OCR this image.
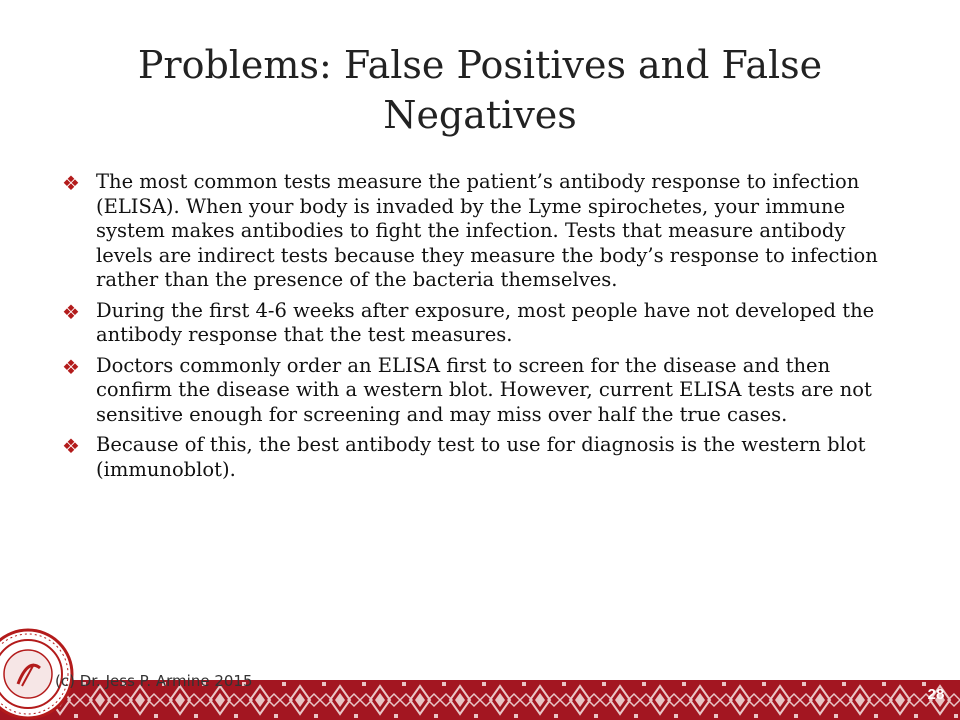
Problems: False Positives and False Negatives
❖ The most common tests measure the patient’s antibody response to infection (ELISA). When your body is invaded by the Lyme spirochetes, your immune system makes antibodies to fight the infection. Tests that measure antibody levels are indirect tests because they measure the body’s response to infection rather than the presence of the bacteria themselves.
❖ During the first 4-6 weeks after exposure, most people have not developed the antibody response that the test measures.
❖ Doctors commonly order an ELISA first to screen for the disease and then confirm the disease with a western blot. However, current ELISA tests are not sensitive enough for screening and may miss over half the true cases.
❖ Because of this, the best antibody test to use for diagnosis is the western blot (immunoblot).
(c) Dr. Jess P. Armine 2015
28
